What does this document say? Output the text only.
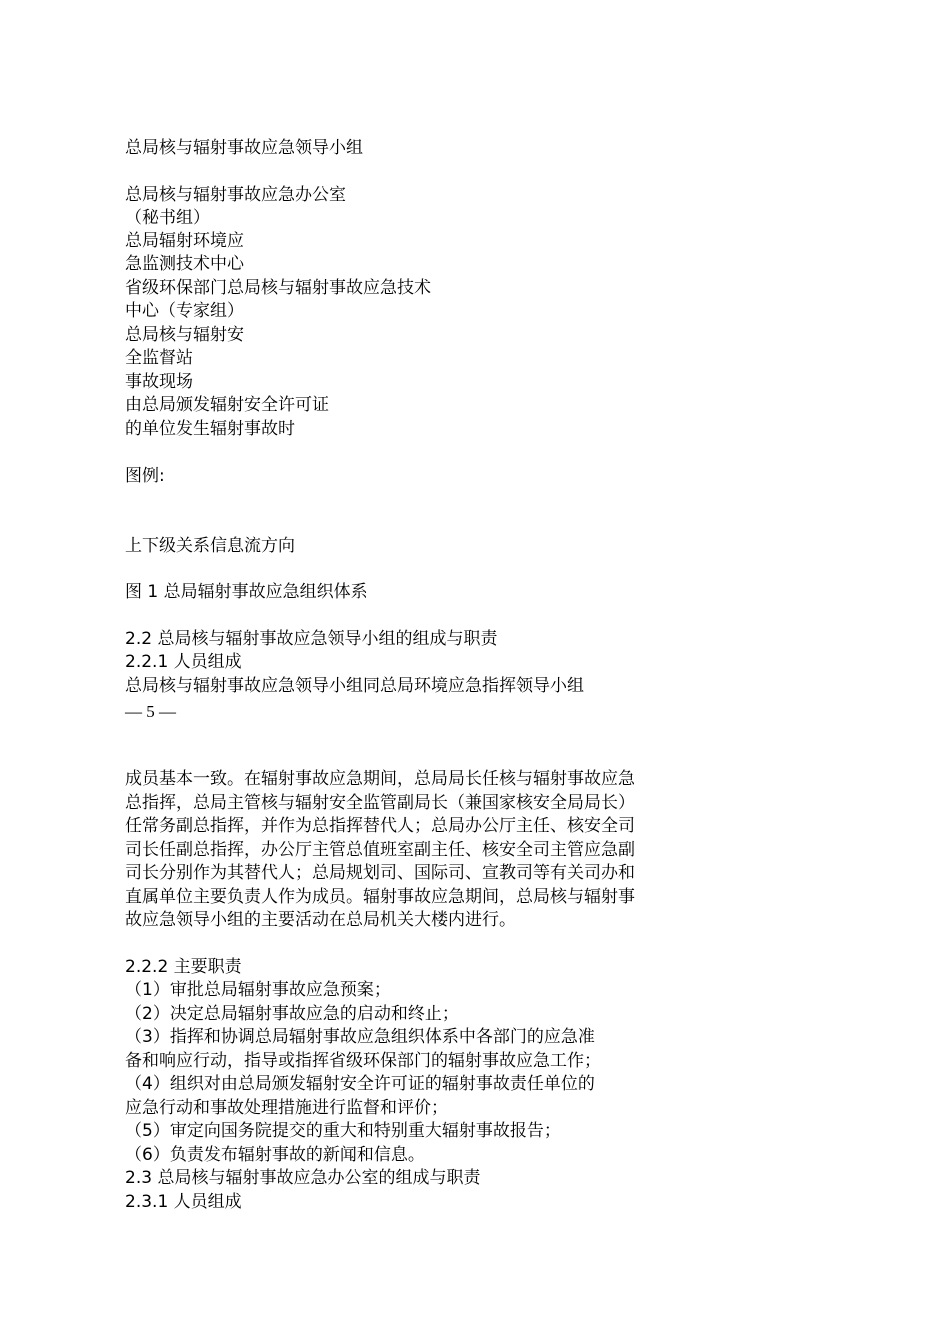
总局核与辐射事故应急领导小组
总局核与辐射事故应急办公室
（秘书组）
总局辐射环境应
急监测技术中心
省级环保部门总局核与辐射事故应急技术
中心（专家组）
总局核与辐射安
全监督站
事故现场
由总局颁发辐射安全许可证
的单位发生辐射事故时
图例:
上下级关系信息流方向
图 1 总局辐射事故应急组织体系
2.2 总局核与辐射事故应急领导小组的组成与职责
2.2.1 人员组成
总局核与辐射事故应急领导小组同总局环境应急指挥领导小组
— 5 —
成员基本一致。在辐射事故应急期间，总局局长任核与辐射事故应急总指挥，总局主管核与辐射安全监管副局长（兼国家核安全局局长）任常务副总指挥，并作为总指挥替代人；总局办公厅主任、核安全司司长任副总指挥，办公厅主管总值班室副主任、核安全司主管应急副司长分别作为其替代人；总局规划司、国际司、宣教司等有关司办和直属单位主要负责人作为成员。辐射事故应急期间，总局核与辐射事故应急领导小组的主要活动在总局机关大楼内进行。
2.2.2 主要职责
（1）审批总局辐射事故应急预案；
（2）决定总局辐射事故应急的启动和终止；
（3）指挥和协调总局辐射事故应急组织体系中各部门的应急准
备和响应行动，指导或指挥省级环保部门的辐射事故应急工作；
（4）组织对由总局颁发辐射安全许可证的辐射事故责任单位的
应急行动和事故处理措施进行监督和评价；
（5）审定向国务院提交的重大和特别重大辐射事故报告；
（6）负责发布辐射事故的新闻和信息。
2.3 总局核与辐射事故应急办公室的组成与职责
2.3.1 人员组成
